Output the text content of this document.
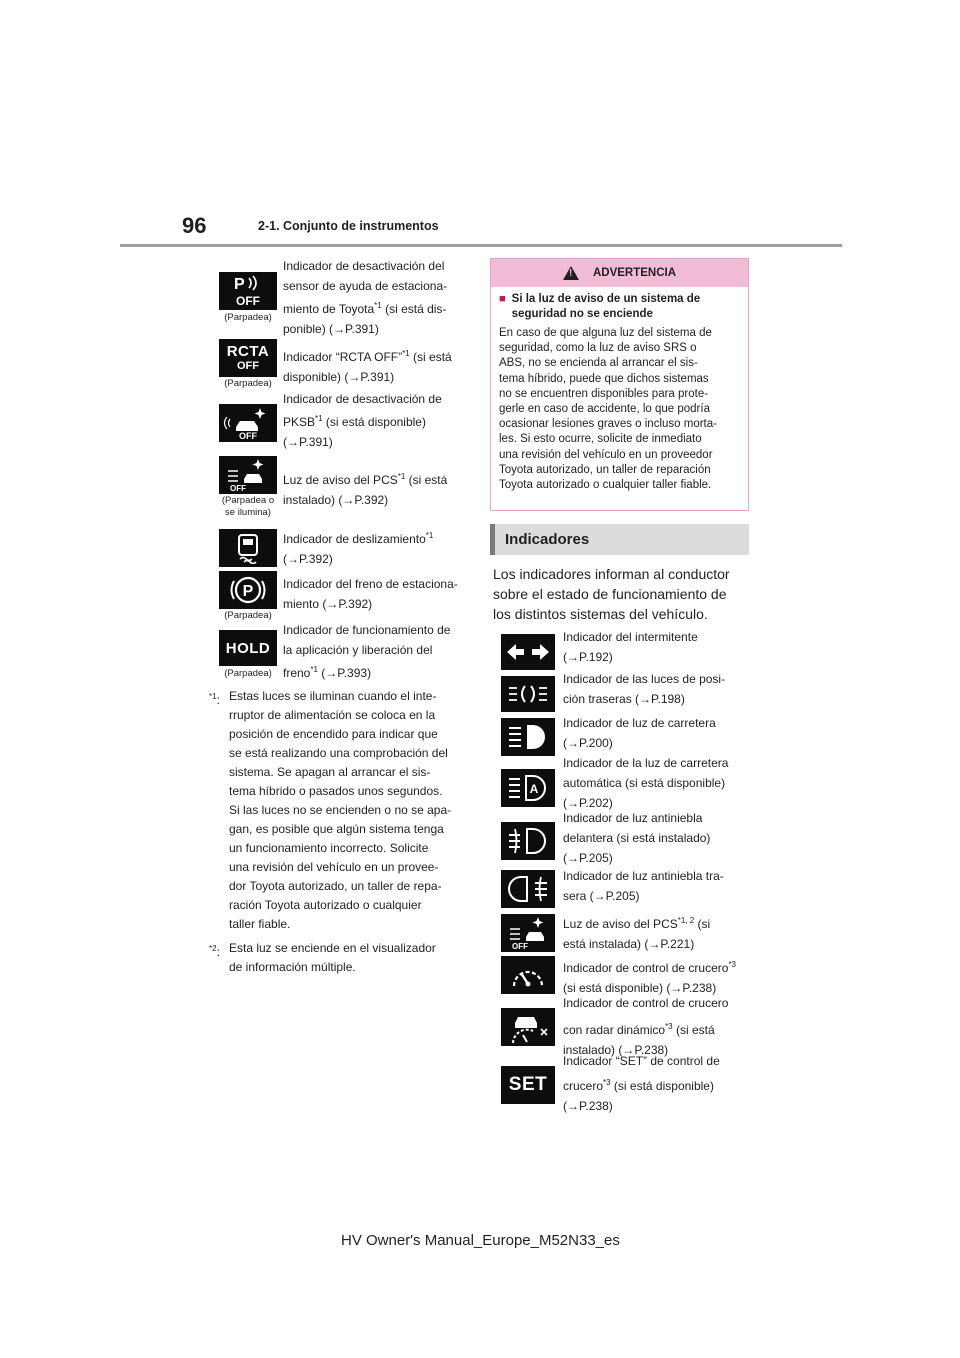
96	2-1. Conjunto de instrumentos
P
OFF
(Parpadea)
Indicador de desactivación del
sensor de ayuda de estaciona-
miento de Toyota$^{*1}$ (si está dis-
ponible) (→P.391)
RCTA
OFF
(Parpadea)
Indicador “RCTA OFF”$^{*1}$ (si está
disponible) (→P.391)
OFF
Indicador de desactivación de
PKSB$^{*1}$ (si está disponible)
(→P.391)
OFF
(Parpadea o
se ilumina)
Luz de aviso del PCS$^{*1}$ (si está
instalado) (→P.392)
Indicador de deslizamiento$^{*1}$
(→P.392)
P
(Parpadea)
Indicador del freno de estaciona-
miento (→P.392)
HOLD
(Parpadea)
Indicador de funcionamiento de
la aplicación y liberación del
freno$^{*1}$ (→P.393)
$^{*1}$: Estas luces se iluminan cuando el inte-
rruptor de alimentación se coloca en la
posición de encendido para indicar que
se está realizando una comprobación del
sistema. Se apagan al arrancar el sis-
tema híbrido o pasados unos segundos.
Si las luces no se encienden o no se apa-
gan, es posible que algún sistema tenga
un funcionamiento incorrecto. Solicite
una revisión del vehículo en un provee-
dor Toyota autorizado, un taller de repa-
ración Toyota autorizado o cualquier
taller fiable.
$^{*2}$: Esta luz se enciende en el visualizador
de información múltiple.
! ADVERTENCIA
■ Si la luz de aviso de un sistema de
seguridad no se enciende
En caso de que alguna luz del sistema de
seguridad, como la luz de aviso SRS o
ABS, no se encienda al arrancar el sis-
tema híbrido, puede que dichos sistemas
no se encuentren disponibles para prote-
gerle en caso de accidente, lo que podría
ocasionar lesiones graves o incluso morta-
les. Si esto ocurre, solicite de inmediato
una revisión del vehículo en un proveedor
Toyota autorizado, un taller de reparación
Toyota autorizado o cualquier taller fiable.
Indicadores
Los indicadores informan al conductor
sobre el estado de funcionamiento de
los distintos sistemas del vehículo.
Indicador del intermitente
(→P.192)
Indicador de las luces de posi-
ción traseras (→P.198)
Indicador de luz de carretera
(→P.200)
A
Indicador de la luz de carretera
automática (si está disponible)
(→P.202)
Indicador de luz antiniebla
delantera (si está instalado)
(→P.205)
Indicador de luz antiniebla tra-
sera (→P.205)
OFF
Luz de aviso del PCS$^{*1, 2}$ (si
está instalada) (→P.221)
Indicador de control de crucero$^{*3}$
(si está disponible) (→P.238)
Indicador de control de crucero
con radar dinámico$^{*3}$ (si está
instalado) (→P.238)
SET
Indicador “SET” de control de
crucero$^{*3}$ (si está disponible)
(→P.238)
HV Owner's Manual_Europe_M52N33_es
